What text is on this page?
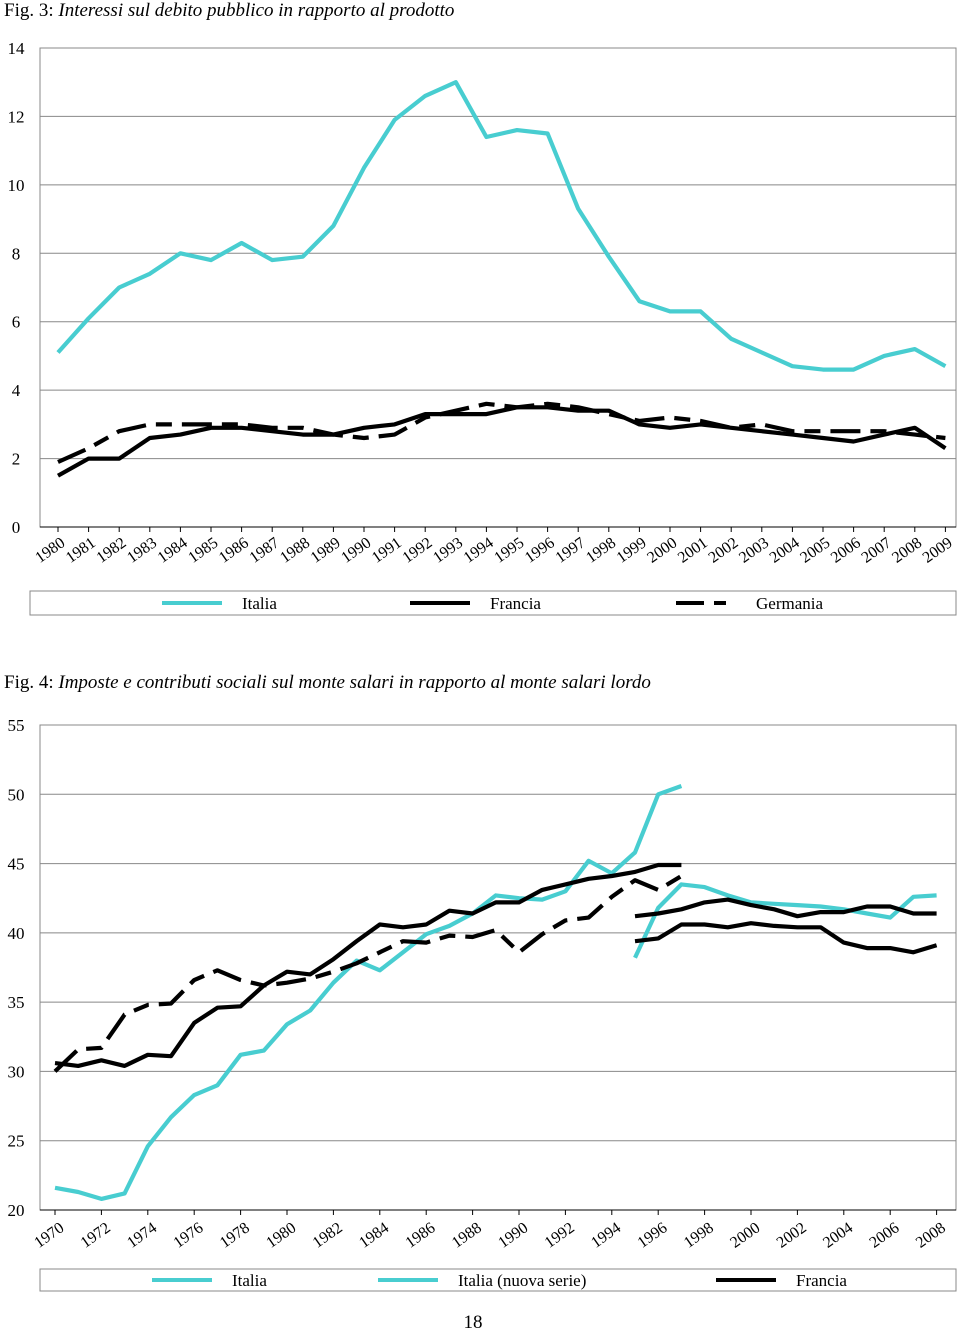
Fig. 3: Interessi sul debito pubblico in rapporto al prodotto
Fig. 4: Imposte e contributi sociali sul monte salari in rapporto al monte salari lordo
0
2
4
6
8
10
12
14
1980
1981
1982
1983
1984
1985
1986
1987
1988
1989
1990
1991
1992
1993
1994
1995
1996
1997
1998
1999
2000
2001
2002
2003
2004
2005
2006
2007
2008
2009
Italia	Francia	Germania
20
25
30
35
40
45
50
55
1970 1972 1974 1976 1978 1980 1982 1984 1986 1988 1990 1992 1994 1996 1998 2000 2002 2004 2006 2008
Italia	Italia (nuova serie)	Francia
18
